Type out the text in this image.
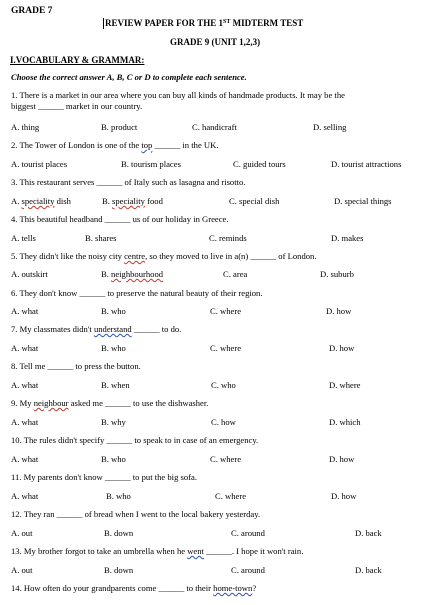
GRADE 7
REVIEW PAPER FOR THE 1ST MIDTERM TEST
GRADE 9 (UNIT 1,2,3)
I.VOCABULARY & GRAMMAR:
Choose the correct answer A, B, C or D to complete each sentence.
1. There is a market in our area where you can buy all kinds of handmade products. It may be the
biggest ______ market in our country.
A. thing	B. product	C. handicraft	D. selling
2. The Tower of London is one of the top ______ in the UK.
A. tourist places	B. tourism places	C. guided tours	D. tourist attractions
3. This restaurant serves ______ of Italy such as lasagna and risotto.
A. speciality dish	B. speciality food	C. special dish	D. special things
4. This beautiful headband ______ us of our holiday in Greece.
A. tells	B. shares	C. reminds	D. makes
5. They didn't like the noisy city centre, so they moved to live in a(n) ______ of London.
A. outskirt	B. neighbourhood	C. area	D. suburb
6. They don't know ______ to preserve the natural beauty of their region.
A. what	B. who	C. where	D. how
7. My classmates didn't understand ______ to do.
A. what	B. who	C. where	D. how
8. Tell me ______ to press the button.
A. what	B. when	C. who	D. where
9. My neighbour asked me ______ to use the dishwasher.
A. what	B. why	C. how	D. which
10. The rules didn't specify ______ to speak to in case of an emergency.
A. what	B. who	C. where	D. how
11. My parents don't know ______ to put the big sofa.
A. what	B. who	C. where	D. how
12. They ran ______ of bread when I went to the local bakery yesterday.
A. out	B. down	C. around	D. back
13. My brother forgot to take an umbrella when he went ______. I hope it won't rain.
A. out	B. down	C. around	D. back
14. How often do your grandparents come ______ to their home-town?
